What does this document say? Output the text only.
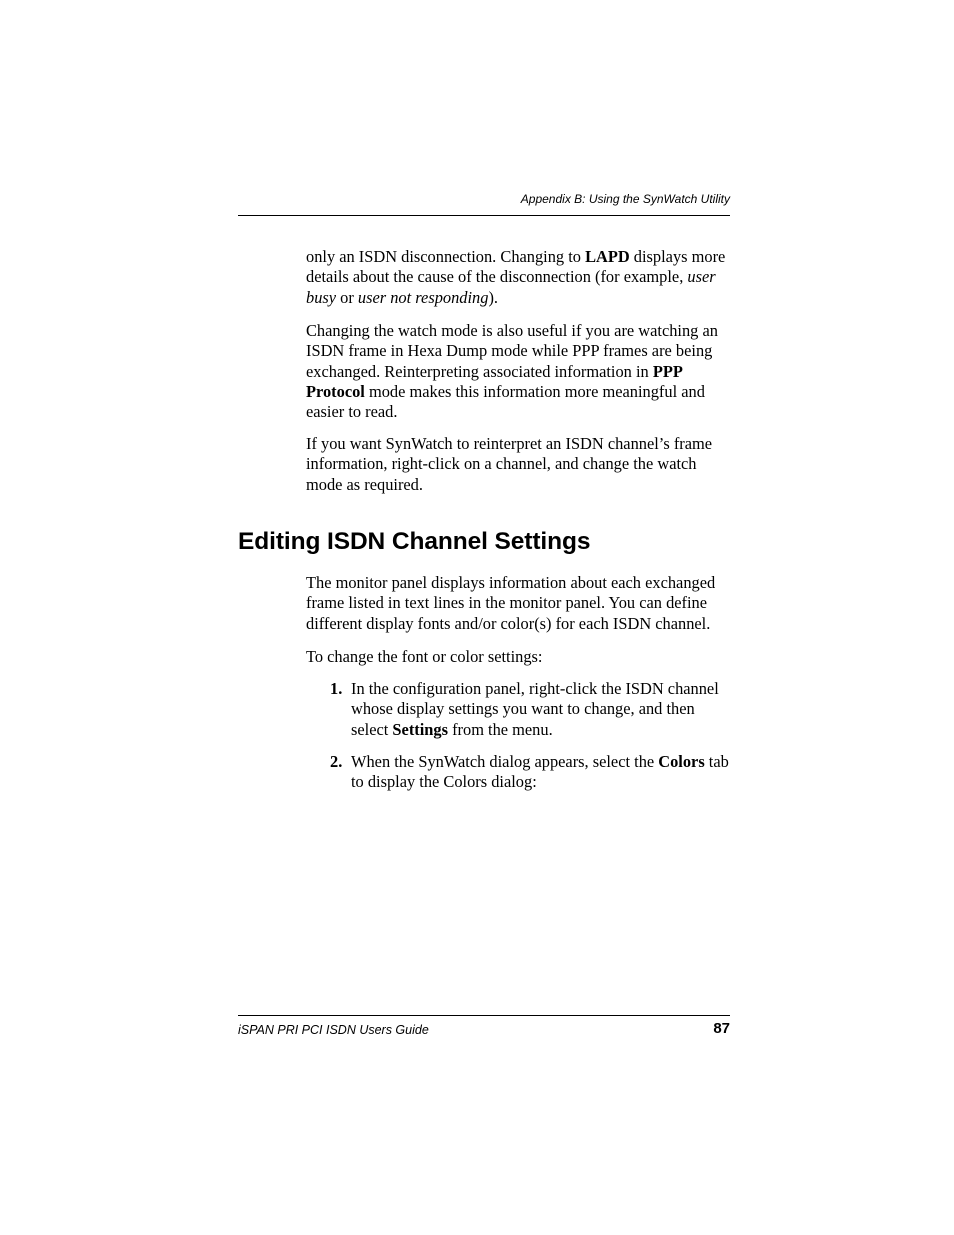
Appendix B: Using the SynWatch Utility

only an ISDN disconnection. Changing to LAPD displays more details about the cause of the disconnection (for example, user busy or user not responding).

Changing the watch mode is also useful if you are watching an ISDN frame in Hexa Dump mode while PPP frames are being exchanged. Reinterpreting associated information in PPP Protocol mode makes this information more meaningful and easier to read.

If you want SynWatch to reinterpret an ISDN channel’s frame information, right-click on a channel, and change the watch mode as required.

Editing ISDN Channel Settings

The monitor panel displays information about each exchanged frame listed in text lines in the monitor panel. You can define different display fonts and/or color(s) for each ISDN channel.

To change the font or color settings:

1. In the configuration panel, right-click the ISDN channel whose display settings you want to change, and then select Settings from the menu.
2. When the SynWatch dialog appears, select the Colors tab to display the Colors dialog:
iSPAN PRI PCI ISDN Users Guide	87
